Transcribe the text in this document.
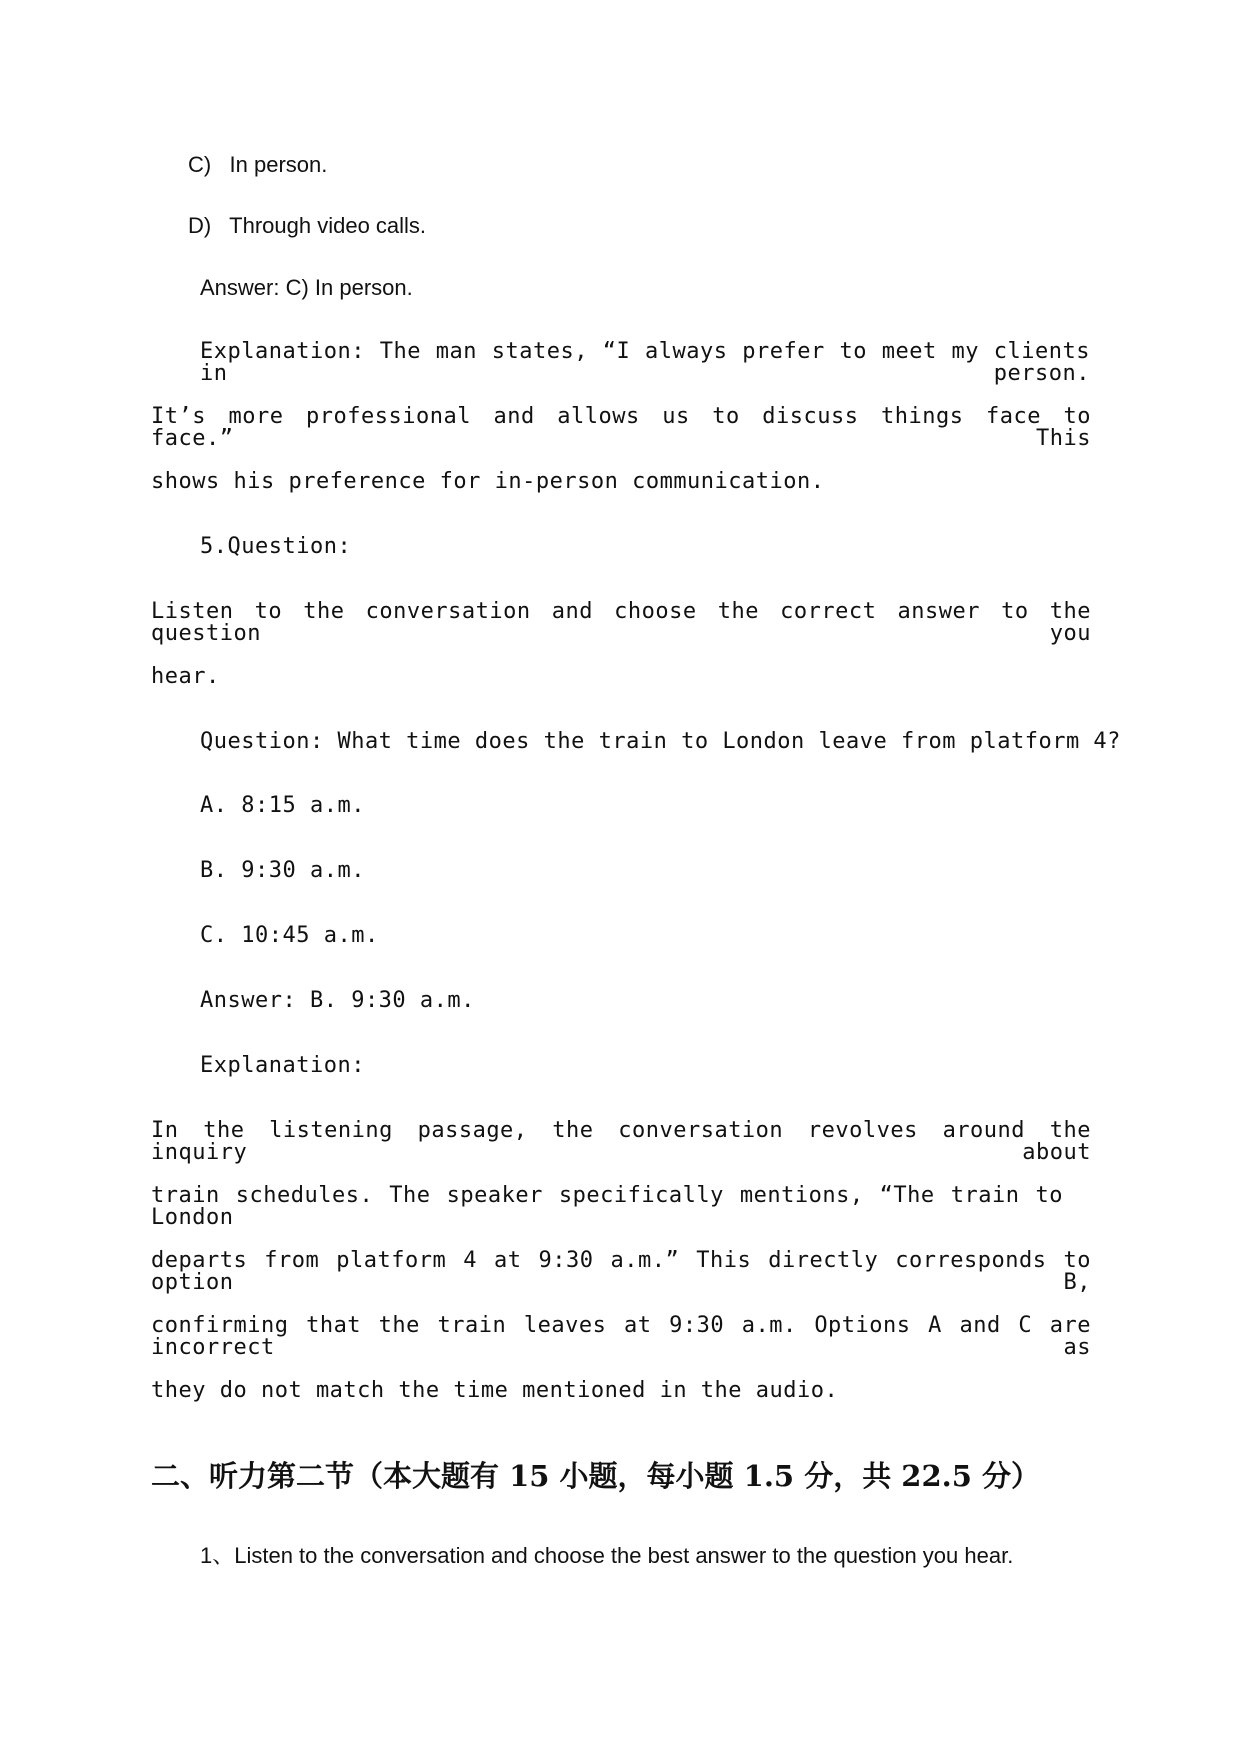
C)   In person.
D)   Through video calls.
Answer: C) In person.
Explanation: The man states, “I always prefer to meet my clients in person.
It’s more professional and allows us to discuss things face to face.” This
shows his preference for in-person communication.
5.Question:
Listen to the conversation and choose the correct answer to the question you
hear.
Question: What time does the train to London leave from platform 4?
A. 8:15 a.m.
B. 9:30 a.m.
C. 10:45 a.m.
Answer: B. 9:30 a.m.
Explanation:
In the listening passage, the conversation revolves around the inquiry about
train schedules. The speaker specifically mentions, “The train to London
departs from platform 4 at 9:30 a.m.” This directly corresponds to option B,
confirming that the train leaves at 9:30 a.m. Options A and C are incorrect as
they do not match the time mentioned in the audio.
二、听力第二节（本大题有 15 小题，每小题 1.5 分，共 22.5 分）
1、Listen to the conversation and choose the best answer to the question you hear.
